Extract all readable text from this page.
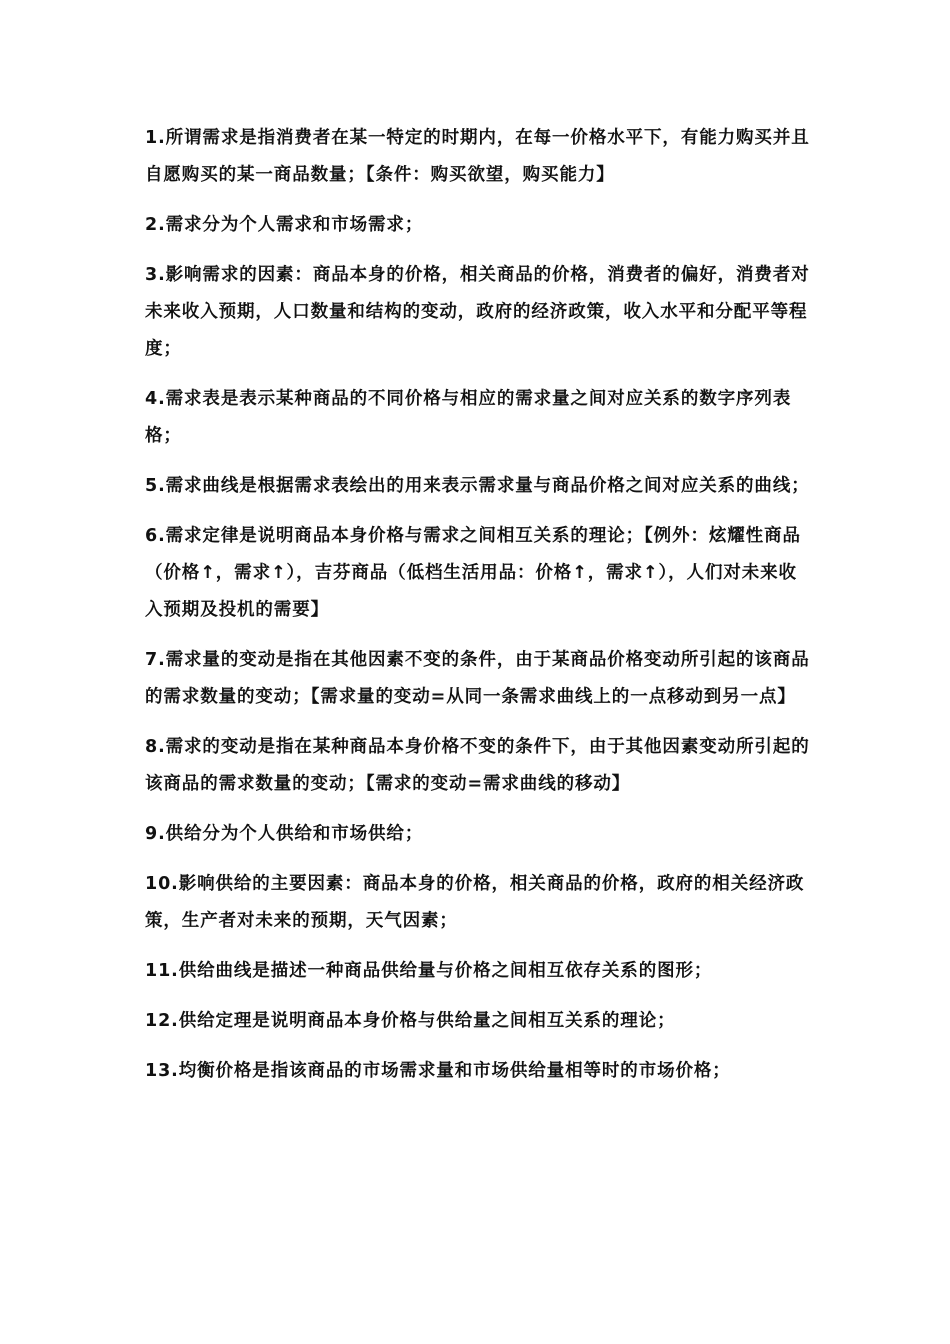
1.所谓需求是指消费者在某一特定的时期内，在每一价格水平下，有能力购买并且自愿购买的某一商品数量；【条件：购买欲望，购买能力】

2.需求分为个人需求和市场需求；

3.影响需求的因素：商品本身的价格，相关商品的价格，消费者的偏好，消费者对未来收入预期，人口数量和结构的变动，政府的经济政策，收入水平和分配平等程度；

4.需求表是表示某种商品的不同价格与相应的需求量之间对应关系的数字序列表格；

5.需求曲线是根据需求表绘出的用来表示需求量与商品价格之间对应关系的曲线；

6.需求定律是说明商品本身价格与需求之间相互关系的理论；【例外：炫耀性商品（价格↑，需求↑），吉芬商品（低档生活用品：价格↑，需求↑），人们对未来收入预期及投机的需要】

7.需求量的变动是指在其他因素不变的条件，由于某商品价格变动所引起的该商品的需求数量的变动；【需求量的变动=从同一条需求曲线上的一点移动到另一点】

8.需求的变动是指在某种商品本身价格不变的条件下，由于其他因素变动所引起的该商品的需求数量的变动；【需求的变动=需求曲线的移动】

9.供给分为个人供给和市场供给；

10.影响供给的主要因素：商品本身的价格，相关商品的价格，政府的相关经济政策，生产者对未来的预期，天气因素；

11.供给曲线是描述一种商品供给量与价格之间相互依存关系的图形；

12.供给定理是说明商品本身价格与供给量之间相互关系的理论；

13.均衡价格是指该商品的市场需求量和市场供给量相等时的市场价格；
